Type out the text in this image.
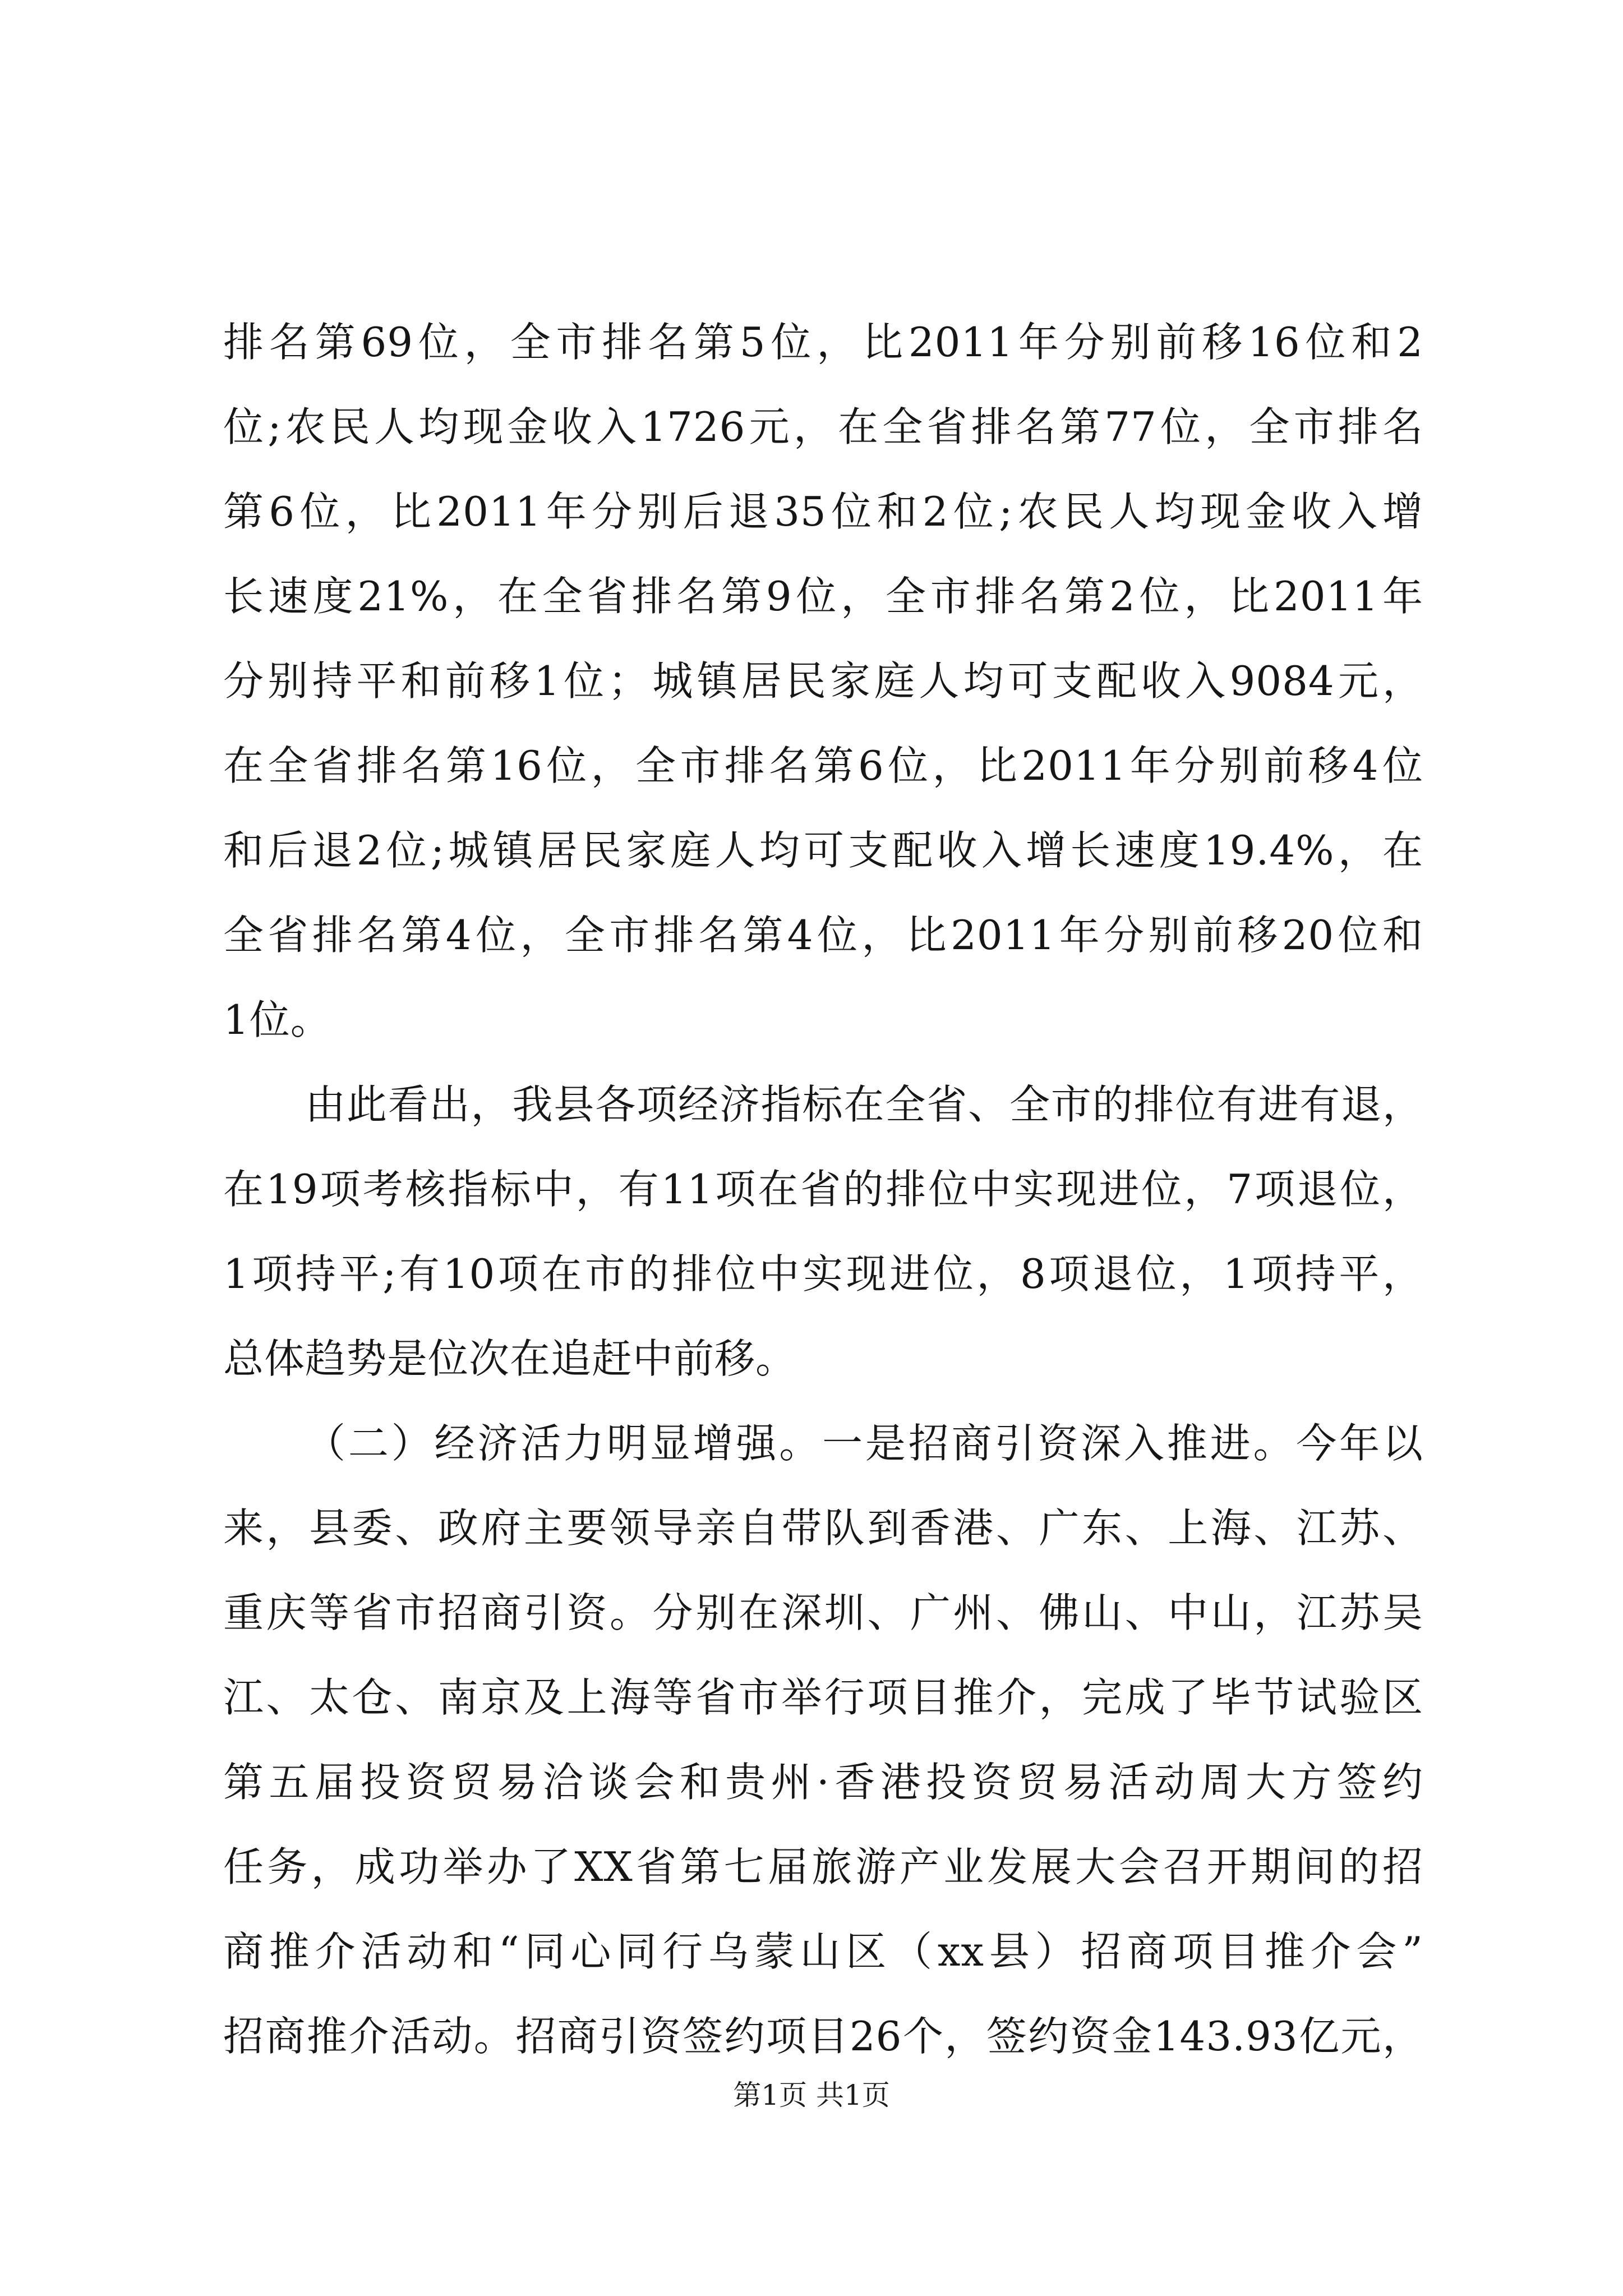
排名第69位，全市排名第5位，比2011年分别前移16位和2
位;农民人均现金收入1726元，在全省排名第77位，全市排名
第6位，比2011年分别后退35位和2位;农民人均现金收入增
长速度21%，在全省排名第9位，全市排名第2位，比2011年
分别持平和前移1位；城镇居民家庭人均可支配收入9084元，
在全省排名第16位，全市排名第6位，比2011年分别前移4位
和后退2位;城镇居民家庭人均可支配收入增长速度19.4%，在
全省排名第4位，全市排名第4位，比2011年分别前移20位和
1位。
由此看出，我县各项经济指标在全省、全市的排位有进有退，
在19项考核指标中，有11项在省的排位中实现进位，7项退位，
1项持平;有10项在市的排位中实现进位，8项退位，1项持平，
总体趋势是位次在追赶中前移。
（二）经济活力明显增强。一是招商引资深入推进。今年以
来，县委、政府主要领导亲自带队到香港、广东、上海、江苏、
重庆等省市招商引资。分别在深圳、广州、佛山、中山，江苏吴
江、太仓、南京及上海等省市举行项目推介，完成了毕节试验区
第五届投资贸易洽谈会和贵州·香港投资贸易活动周大方签约
任务，成功举办了XX省第七届旅游产业发展大会召开期间的招
商推介活动和“同心同行乌蒙山区（xx县）招商项目推介会”
招商推介活动。招商引资签约项目26个，签约资金143.93亿元，
第1页 共1页
